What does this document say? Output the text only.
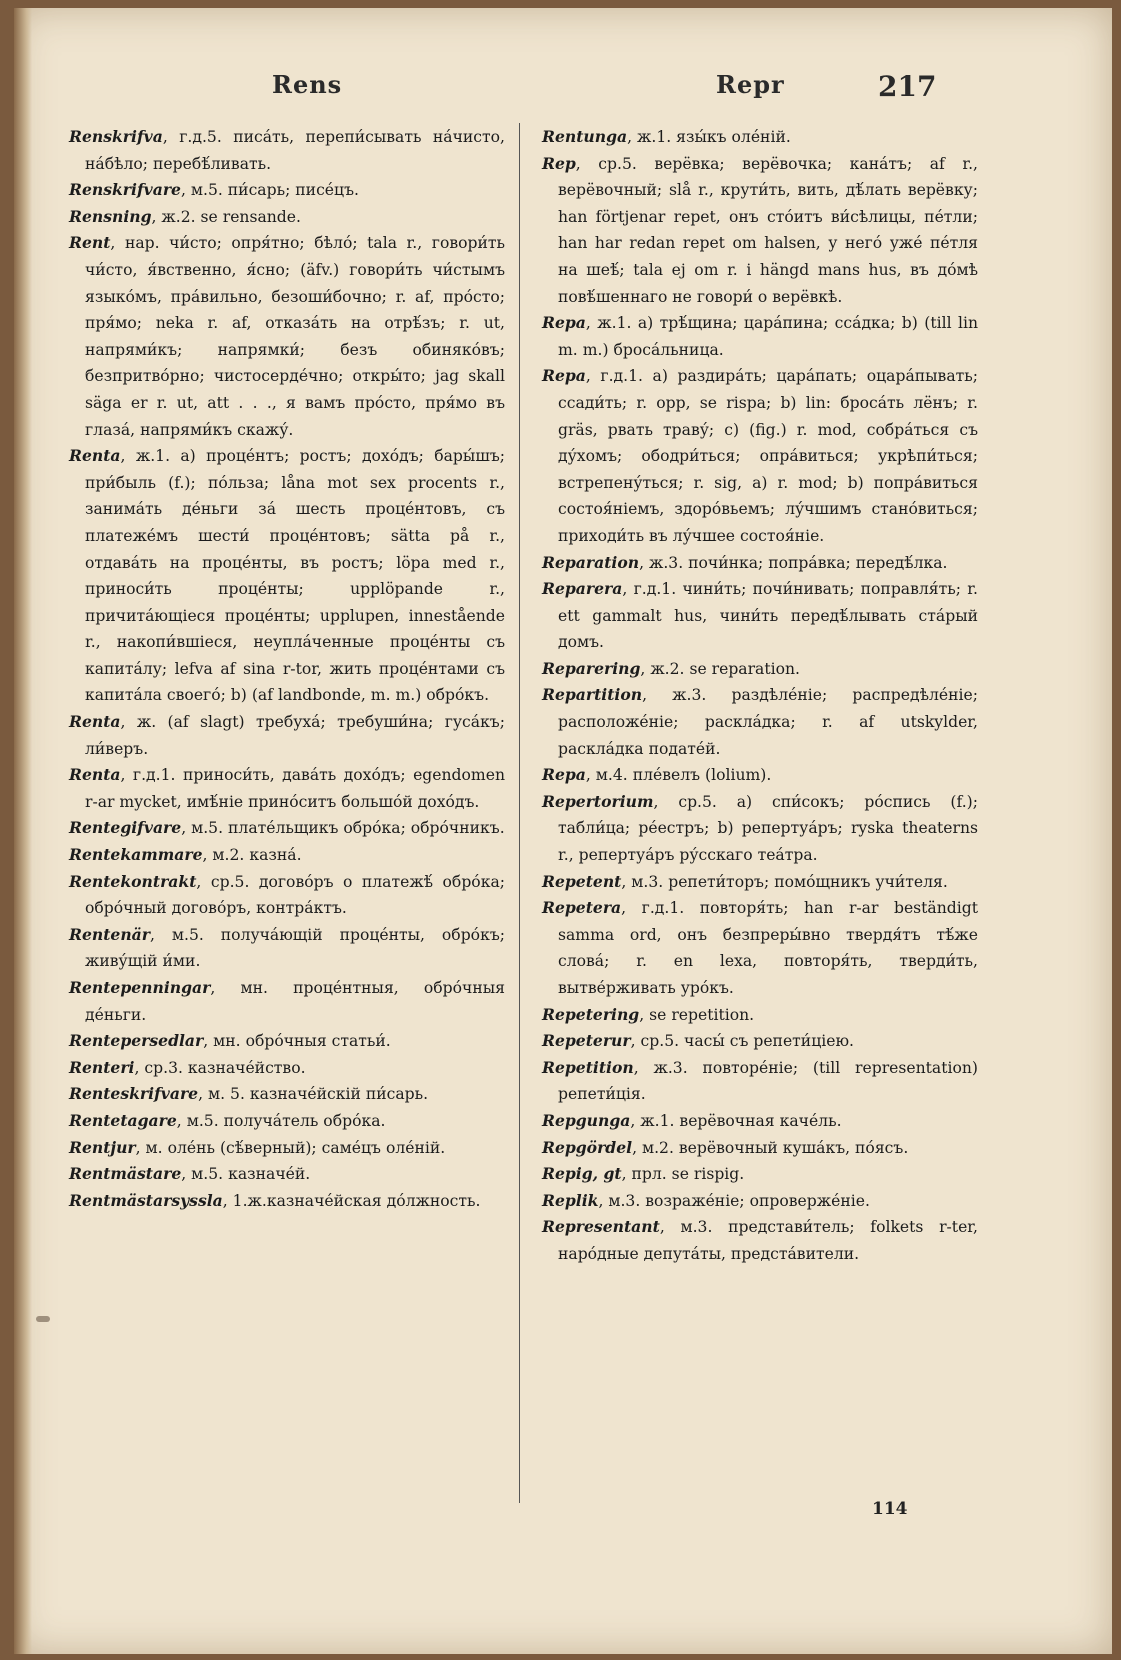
Rens	Repr	217

Renskrifva, г.д.5. писа́ть, перепи́сывать на́чисто, на́бѣло; перебѣ́ливать.

Renskrifvare, м.5. пи́сарь; писе́цъ.

Rensning, ж.2. se rensande.

Rent, нар. чи́сто; опря́тно; бѣло́; tala r., говори́ть чи́сто, я́вственно, я́сно; (äfv.) говори́ть чи́стымъ языко́мъ, пра́вильно, безоши́бочно; r. af, про́сто; пря́мо; neka r. af, отказа́ть на отрѣ́зъ; r. ut, напрями́къ; напрямки́; безъ обиняко́въ; безпритво́рно; чистосерде́чно; откры́то; jag skall säga er r. ut, att . . ., я вамъ про́сто, пря́мо въ глаза́, напрями́къ скажу́.

Renta, ж.1. a) проце́нтъ; ростъ; дохо́дъ; бары́шъ; при́быль (f.); по́льза; låna mot sex procents r., занима́ть де́ньги за́ шесть проце́нтовъ, съ платеже́мъ шести́ проце́нтовъ; sätta på r., отдава́ть на проце́нты, въ ростъ; löpa med r., приноси́ть проце́нты; upplöpande r., причита́ющіеся проце́нты; upplupen, innestående r., накопи́вшіеся, неупла́ченные проце́нты съ капита́лу; lefva af sina r-tor, жить проце́нтами съ капита́ла своего́; b) (af landbonde, m. m.) обро́къ.

Renta, ж. (af slagt) требуха́; требуши́на; гуса́къ; ли́веръ.

Renta, г.д.1. приноси́ть, дава́ть дохо́дъ; egendomen r-ar mycket, имѣ́ніе прино́ситъ большо́й дохо́дъ.

Rentegifvare, м.5. плате́льщикъ обро́ка; обро́чникъ.

Rentekammare, м.2. казна́.

Rentekontrakt, ср.5. догово́ръ о платежѣ́ обро́ка; обро́чный догово́ръ, контра́ктъ.

Rentenär, м.5. получа́ющій проце́нты, обро́къ; живу́щій и́ми.

Rentepenningar, мн. проце́нтныя, обро́чныя де́ньги.

Rentepersedlar, мн. обро́чныя статьи́.

Renteri, ср.3. казначе́йство.

Renteskrifvare, м. 5. казначе́йскій пи́сарь.

Rentetagare, м.5. получа́тель обро́ка.

Rentjur, м. оле́нь (сѣ́верный); саме́цъ оле́ній.

Rentmästare, м.5. казначе́й.

Rentmästarsyssla, 1.ж.казначе́йская до́лжность.

Rentunga, ж.1. язы́къ оле́ній.

Rep, ср.5. верёвка; верёвочка; кана́тъ; af r., верёвочный; slå r., крути́ть, вить, дѣ́лать верёвку; han förtjenar repet, онъ сто́итъ ви́сѣлицы, пе́тли; han har redan repet om halsen, у него́ уже́ пе́тля на шеѣ́; tala ej om r. i hängd mans hus, въ до́мѣ повѣ́шеннаго не говори́ о верёвкѣ.

Repa, ж.1. a) трѣ́щина; цара́пина; сса́дка; b) (till lin m. m.) броса́льница.

Repa, г.д.1. a) раздира́ть; цара́пать; оцара́пывать; ссади́ть; r. opp, se rispa; b) lin: броса́ть лёнъ; r. gräs, рвать траву́; c) (fig.) r. mod, собра́ться съ ду́хомъ; ободри́ться; опра́виться; укрѣпи́ться; встрепену́ться; r. sig, a) r. mod; b) попра́виться состоя́ніемъ, здоро́вьемъ; лу́чшимъ стано́виться; приходи́ть въ лу́чшее состоя́ніе.

Reparation, ж.3. почи́нка; попра́вка; передѣ́лка.

Reparera, г.д.1. чини́ть; почи́нивать; поправля́ть; r. ett gammalt hus, чини́ть передѣ́лывать ста́рый домъ.

Reparering, ж.2. se reparation.

Repartition, ж.3. раздѣле́ніе; распредѣле́ніе; расположе́ніе; раскла́дка; r. af utskylder, раскла́дка подате́й.

Repa, м.4. пле́велъ (lolium).

Repertorium, ср.5. a) спи́сокъ; ро́спись (f.); табли́ца; ре́естръ; b) репертуа́ръ; ryska theaterns r., репертуа́ръ ру́сскаго теа́тра.

Repetent, м.3. репети́торъ; помо́щникъ учи́теля.

Repetera, г.д.1. повторя́ть; han r-ar beständigt samma ord, онъ безпреры́вно твердя́тъ тѣ́же слова́; r. en lexa, повторя́ть, тверди́ть, вытве́рживать уро́къ.

Repetering, se repetition.

Repeterur, ср.5. часы́ съ репети́ціею.

Repetition, ж.3. повторе́ніе; (till representation) репети́ція.

Repgunga, ж.1. верёвочная каче́ль.

Repgördel, м.2. верёвочный куша́къ, по́ясъ.

Repig, gt, прл. se rispig.

Replik, м.3. возраже́ніе; опроверже́ніе.

Representant, м.3. представи́тель; folkets r-ter, наро́дные депута́ты, предста́вители.

114
